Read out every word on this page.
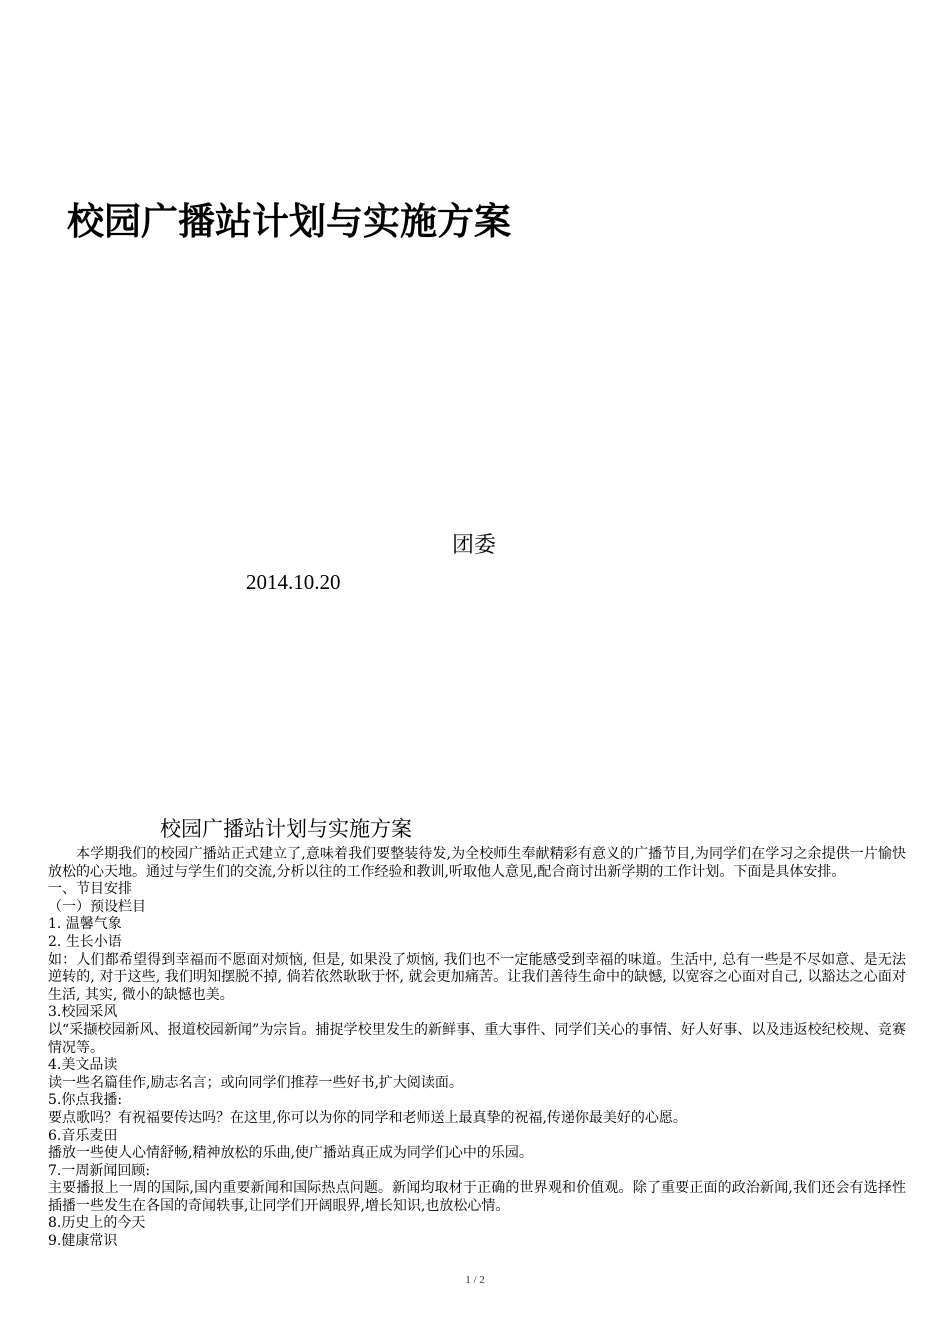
校园广播站计划与实施方案
团委
2014.10.20
校园广播站计划与实施方案

本学期我们的校园广播站正式建立了,意味着我们要整装待发,为全校师生奉献精彩有意义的广播节目,为同学们在学习之余提供一片愉快放松的心天地。通过与学生们的交流,分析以往的工作经验和教训,听取他人意见,配合商讨出新学期的工作计划。下面是具体安排。

一、节目安排

（一）预设栏目

1. 温馨气象

2. 生长小语

如：人们都希望得到幸福而不愿面对烦恼, 但是, 如果没了烦恼, 我们也不一定能感受到幸福的味道。生活中, 总有一些是不尽如意、是无法逆转的, 对于这些, 我们明知摆脱不掉, 倘若依然耿耿于怀, 就会更加痛苦。让我们善待生命中的缺憾, 以宽容之心面对自己, 以豁达之心面对生活, 其实, 微小的缺憾也美。

3.校园采风

以“采撷校园新风、报道校园新闻”为宗旨。捕捉学校里发生的新鲜事、重大事件、同学们关心的事情、好人好事、以及违返校纪校规、竞赛情况等。

4.美文品读

读一些名篇佳作,励志名言；或向同学们推荐一些好书,扩大阅读面。

5.你点我播:

要点歌吗？有祝福要传达吗？在这里,你可以为你的同学和老师送上最真挚的祝福,传递你最美好的心愿。

6.音乐麦田

播放一些使人心情舒畅,精神放松的乐曲,使广播站真正成为同学们心中的乐园。

7.一周新闻回顾:

主要播报上一周的国际,国内重要新闻和国际热点问题。新闻均取材于正确的世界观和价值观。除了重要正面的政治新闻,我们还会有选择性插播一些发生在各国的奇闻轶事,让同学们开阔眼界,增长知识,也放松心情。

8.历史上的今天

9.健康常识

1 / 2
